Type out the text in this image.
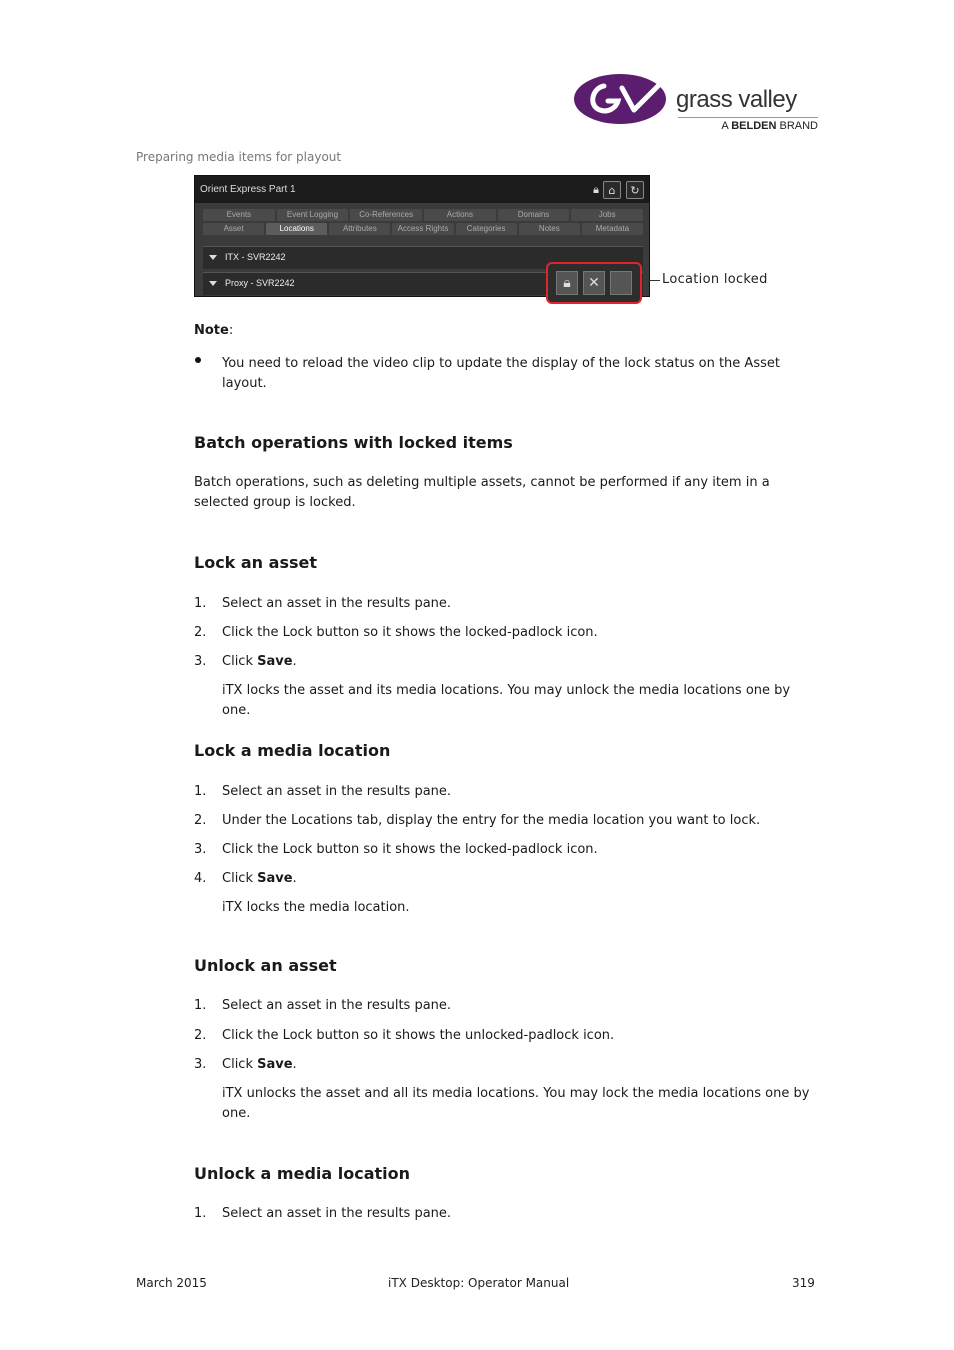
grass valley
A BELDEN BRAND
Preparing media items for playout
Orient Express Part 1	🔒︎ ⌂	↻
Events	Event Logging	Co-References	Actions	Domains	Jobs
Asset	Locations	Attributes	Access Rights	Categories	Notes	Metadata
ITX - SVR2242
Proxy - SVR2242	🔒︎	✕	Location locked
Note:
You need to reload the video clip to update the display of the lock status on the Asset layout.
Batch operations with locked items
Batch operations, such as deleting multiple assets, cannot be performed if any item in a selected group is locked.
Lock an asset
1. Select an asset in the results pane.
2. Click the Lock button so it shows the locked-padlock icon.
3. Click Save.
iTX locks the asset and its media locations. You may unlock the media locations one by one.
Lock a media location
1. Select an asset in the results pane.
2. Under the Locations tab, display the entry for the media location you want to lock.
3. Click the Lock button so it shows the locked-padlock icon.
4. Click Save.
iTX locks the media location.
Unlock an asset
1. Select an asset in the results pane.
2. Click the Lock button so it shows the unlocked-padlock icon.
3. Click Save.
iTX unlocks the asset and all its media locations. You may lock the media locations one by one.
Unlock a media location
1. Select an asset in the results pane.
March 2015	iTX Desktop: Operator Manual	319
